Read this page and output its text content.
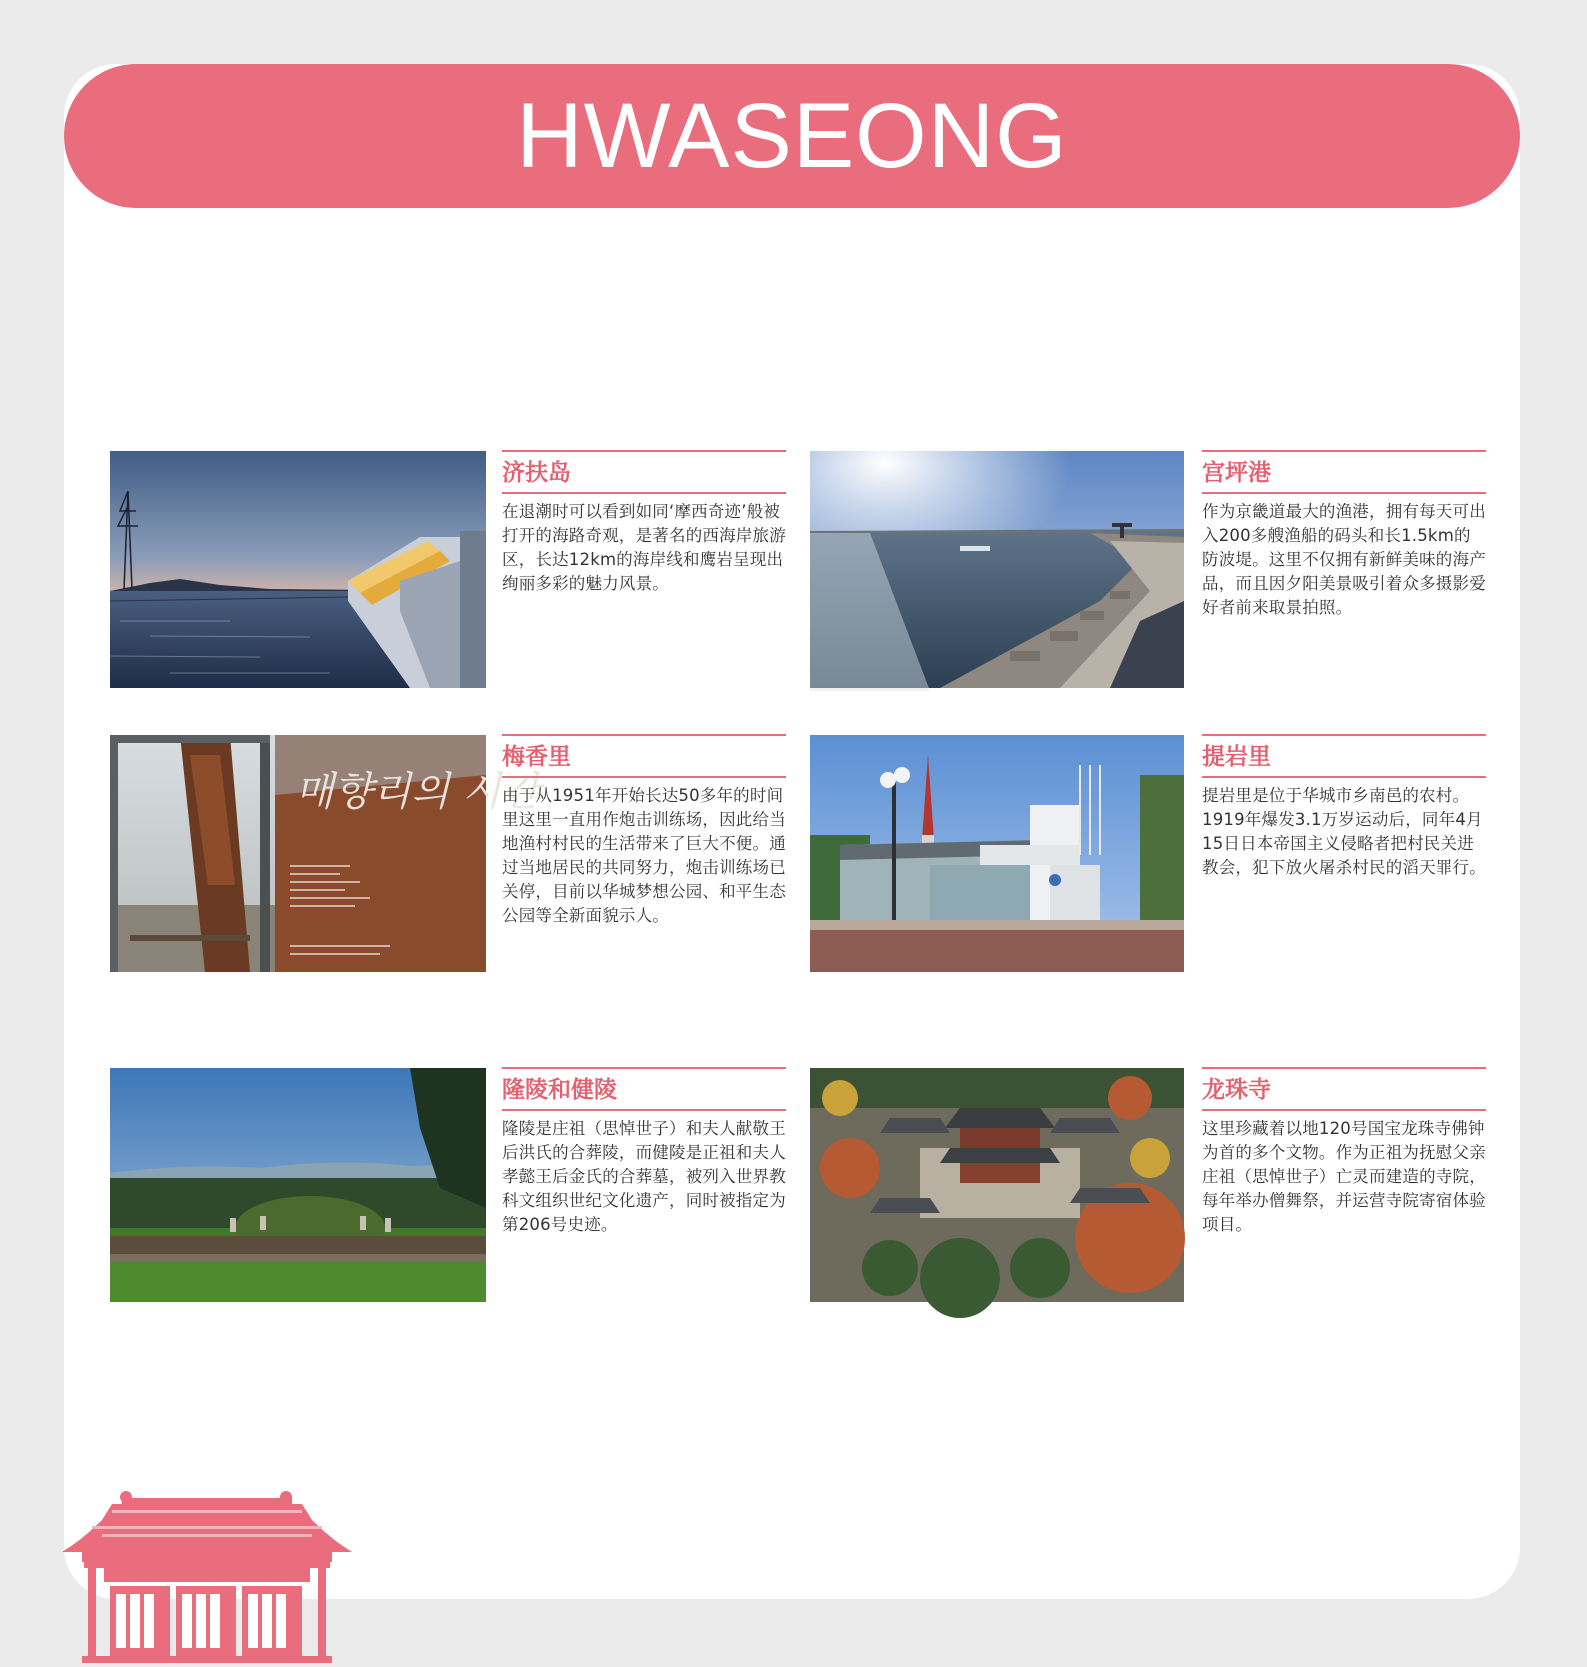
HWASEONG
济扶岛
在退潮时可以看到如同‘摩西奇迹’般被打开的海路奇观，是著名的西海岸旅游区，长达12km的海岸线和鹰岩呈现出绚丽多彩的魅力风景。
宫坪港
作为京畿道最大的渔港，拥有每天可出入200多艘渔船的码头和长1.5km的防波堤。这里不仅拥有新鲜美味的海产品，而且因夕阳美景吸引着众多摄影爱好者前来取景拍照。
매향리의 시간
梅香里
由于从1951年开始长达50多年的时间里这里一直用作炮击训练场，因此给当地渔村村民的生活带来了巨大不便。通过当地居民的共同努力，炮击训练场已关停，目前以华城梦想公园、和平生态公园等全新面貌示人。
提岩里
提岩里是位于华城市乡南邑的农村。1919年爆发3.1万岁运动后，同年4月15日日本帝国主义侵略者把村民关进教会，犯下放火屠杀村民的滔天罪行。
隆陵和健陵
隆陵是庄祖（思悼世子）和夫人献敬王后洪氏的合葬陵，而健陵是正祖和夫人孝懿王后金氏的合葬墓，被列入世界教科文组织世纪文化遗产，同时被指定为第206号史迹。
龙珠寺
这里珍藏着以地120号国宝龙珠寺佛钟为首的多个文物。作为正祖为抚慰父亲庄祖（思悼世子）亡灵而建造的寺院，每年举办僧舞祭，并运营寺院寄宿体验项目。
